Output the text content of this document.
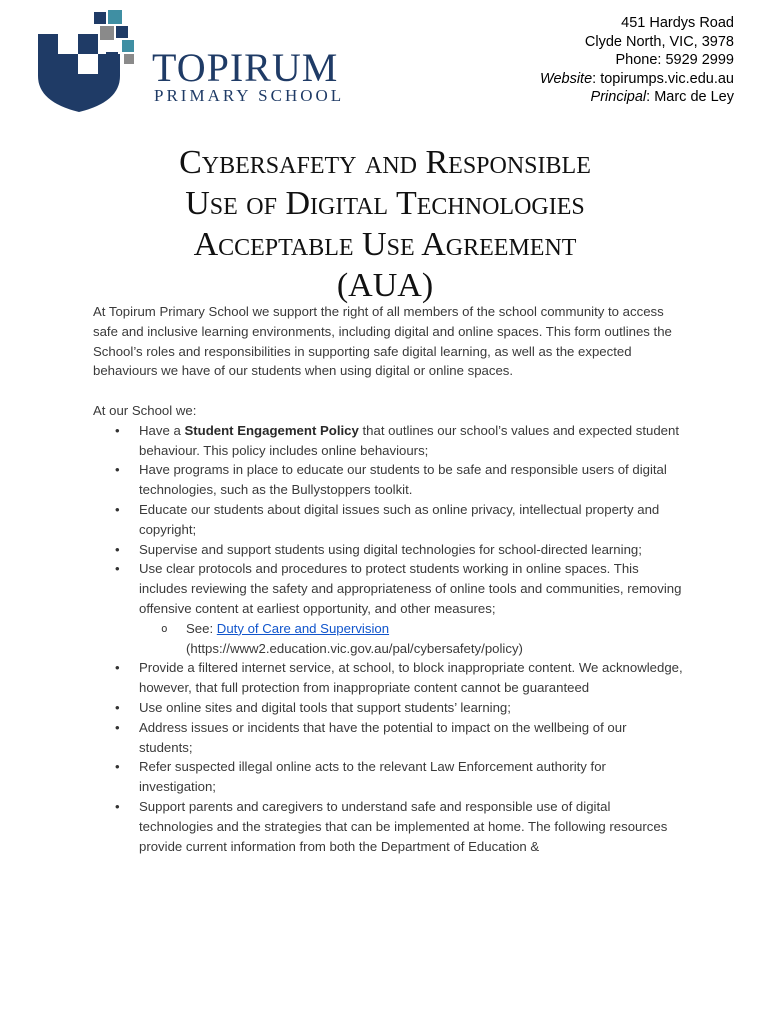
TOPIRUM
PRIMARY SCHOOL
451 Hardys Road
Clyde North, VIC, 3978
Phone: 5929 2999
Website: topirumps.vic.edu.au
Principal: Marc de Ley
Cybersafety and Responsible
Use of Digital Technologies
Acceptable Use Agreement
(AUA)

At Topirum Primary School we support the right of all members of the school community to access safe and inclusive learning environments, including digital and online spaces. This form outlines the School’s roles and responsibilities in supporting safe digital learning, as well as the expected behaviours we have of our students when using digital or online spaces.

At our School we:

• Have a Student Engagement Policy that outlines our school’s values and expected student behaviour. This policy includes online behaviours;
• Have programs in place to educate our students to be safe and responsible users of digital technologies, such as the Bullystoppers toolkit.
• Educate our students about digital issues such as online privacy, intellectual property and copyright;
• Supervise and support students using digital technologies for school-directed learning;
• Use clear protocols and procedures to protect students working in online spaces. This includes reviewing the safety and appropriateness of online tools and communities, removing offensive content at earliest opportunity, and other measures;
o See: Duty of Care and Supervision
(https://www2.education.vic.gov.au/pal/cybersafety/policy)
• Provide a filtered internet service, at school, to block inappropriate content. We acknowledge, however, that full protection from inappropriate content cannot be guaranteed
• Use online sites and digital tools that support students’ learning;
• Address issues or incidents that have the potential to impact on the wellbeing of our students;
• Refer suspected illegal online acts to the relevant Law Enforcement authority for investigation;
• Support parents and caregivers to understand safe and responsible use of digital technologies and the strategies that can be implemented at home. The following resources provide current information from both the Department of Education &
